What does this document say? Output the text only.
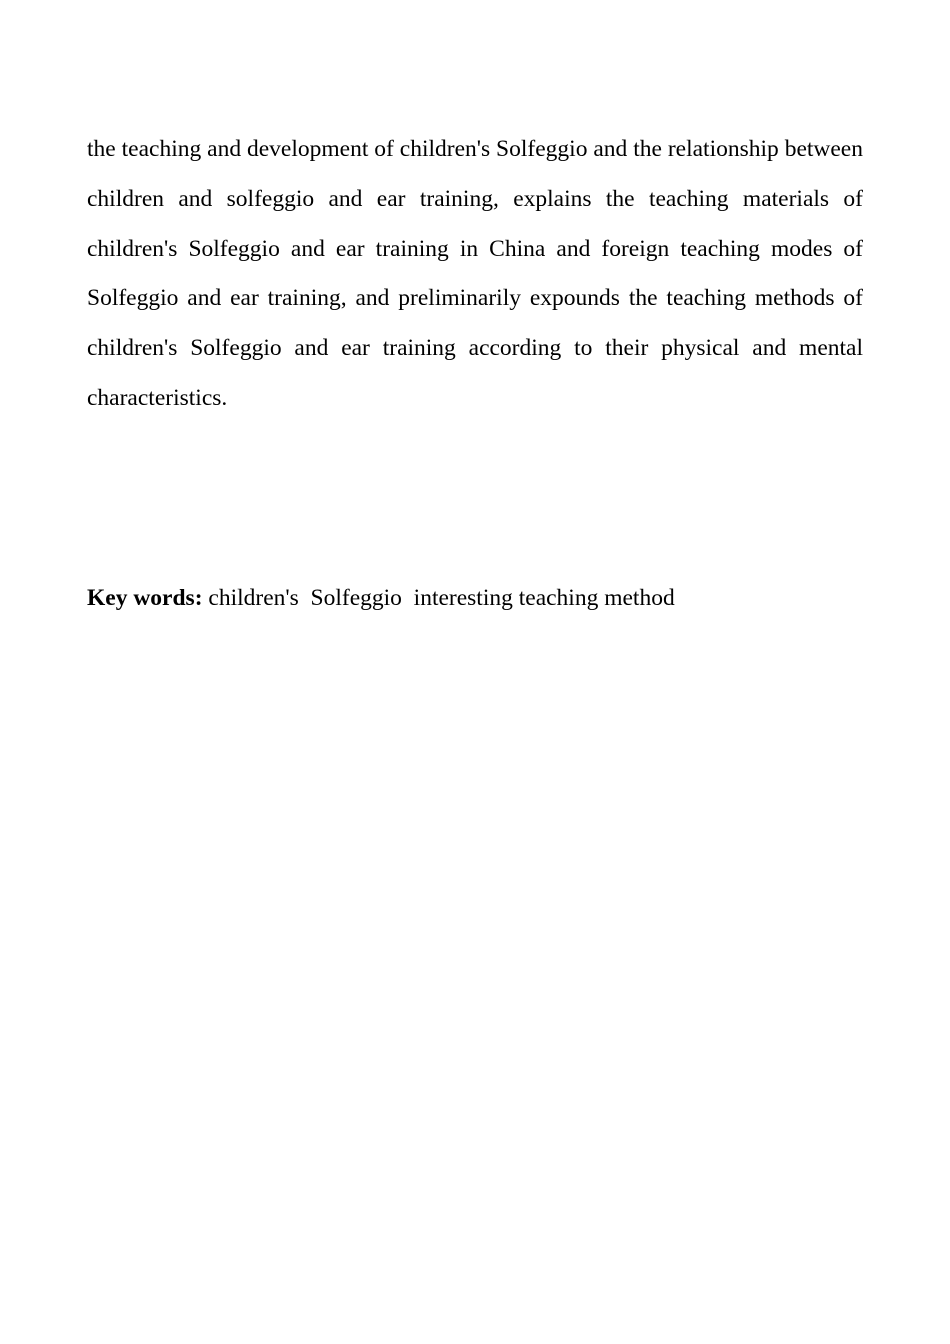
the teaching and development of children's Solfeggio and the relationship between children and solfeggio and ear training, explains the teaching materials of children's Solfeggio and ear training in China and foreign teaching modes of Solfeggio and ear training, and preliminarily expounds the teaching methods of children's Solfeggio and ear training according to their physical and mental characteristics.

Key words: children's  Solfeggio  interesting teaching method
